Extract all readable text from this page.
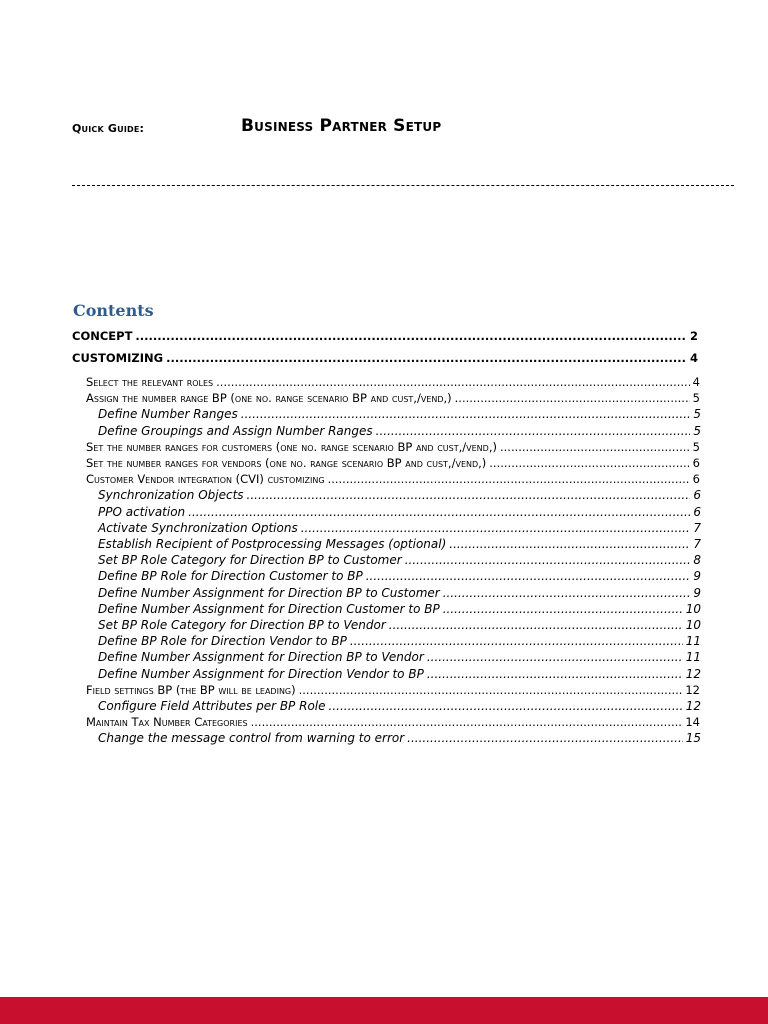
Quick Guide:	Business Partner Setup
Contents
CONCEPT .....	2
CUSTOMIZING .....	4
Select the relevant roles .....	4
Assign the number range BP (one no. range scenario BP and cust,/vend,) .....	5
Define Number Ranges .....	5
Define Groupings and Assign Number Ranges .....	5
Set the number ranges for customers (one no. range scenario BP and cust,/vend,) .....	5
Set the number ranges for vendors (one no. range scenario BP and cust,/vend,) .....	6
Customer Vendor integration (CVI) customizing .....	6
Synchronization Objects .....	6
PPO activation .....	6
Activate Synchronization Options .....	7
Establish Recipient of Postprocessing Messages (optional) .....	7
Set BP Role Category for Direction BP to Customer .....	8
Define BP Role for Direction Customer to BP .....	9
Define Number Assignment for Direction BP to Customer .....	9
Define Number Assignment for Direction Customer to BP .....	10
Set BP Role Category for Direction BP to Vendor .....	10
Define BP Role for Direction Vendor to BP .....	11
Define Number Assignment for Direction BP to Vendor .....	11
Define Number Assignment for Direction Vendor to BP .....	12
Field settings BP (the BP will be leading) .....	12
Configure Field Attributes per BP Role .....	12
Maintain Tax Number Categories .....	14
Change the message control from warning to error .....	15
